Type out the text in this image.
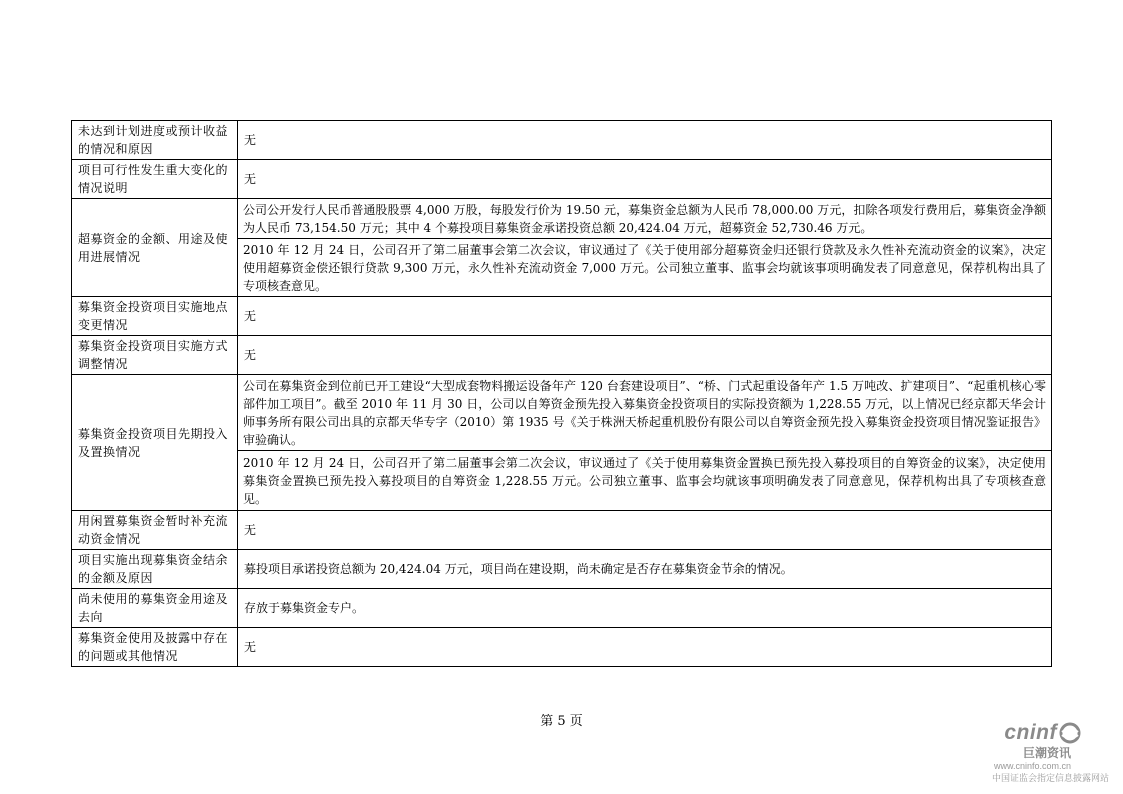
未达到计划进度或预计收益的情况和原因	无
项目可行性发生重大变化的情况说明	无
超募资金的金额、用途及使用进展情况	公司公开发行人民币普通股股票 4,000 万股，每股发行价为 19.50 元，募集资金总额为人民币 78,000.00 万元，扣除各项发行费用后，募集资金净额为人民币 73,154.50 万元；其中 4 个募投项目募集资金承诺投资总额 20,424.04 万元，超募资金 52,730.46 万元。
	2010 年 12 月 24 日，公司召开了第二届董事会第二次会议，审议通过了《关于使用部分超募资金归还银行贷款及永久性补充流动资金的议案》，决定使用超募资金偿还银行贷款 9,300 万元，永久性补充流动资金 7,000 万元。公司独立董事、监事会均就该事项明确发表了同意意见，保荐机构出具了专项核查意见。
募集资金投资项目实施地点变更情况	无
募集资金投资项目实施方式调整情况	无
募集资金投资项目先期投入及置换情况	公司在募集资金到位前已开工建设“大型成套物料搬运设备年产 120 台套建设项目”、“桥、门式起重设备年产 1.5 万吨改、扩建项目”、“起重机核心零部件加工项目”。截至 2010 年 11 月 30 日，公司以自筹资金预先投入募集资金投资项目的实际投资额为 1,228.55 万元，以上情况已经京都天华会计师事务所有限公司出具的京都天华专字（2010）第 1935 号《关于株洲天桥起重机股份有限公司以自筹资金预先投入募集资金投资项目情况鉴证报告》审验确认。
	2010 年 12 月 24 日，公司召开了第二届董事会第二次会议，审议通过了《关于使用募集资金置换已预先投入募投项目的自筹资金的议案》，决定使用募集资金置换已预先投入募投项目的自筹资金 1,228.55 万元。公司独立董事、监事会均就该事项明确发表了同意意见，保荐机构出具了专项核查意见。
用闲置募集资金暂时补充流动资金情况	无
项目实施出现募集资金结余的金额及原因	募投项目承诺投资总额为 20,424.04 万元，项目尚在建设期，尚未确定是否存在募集资金节余的情况。
尚未使用的募集资金用途及去向	存放于募集资金专户。
募集资金使用及披露中存在的问题或其他情况	无
第 5 页	cninf
巨潮资讯
www.cninfo.com.cn
中国证监会指定信息披露网站
